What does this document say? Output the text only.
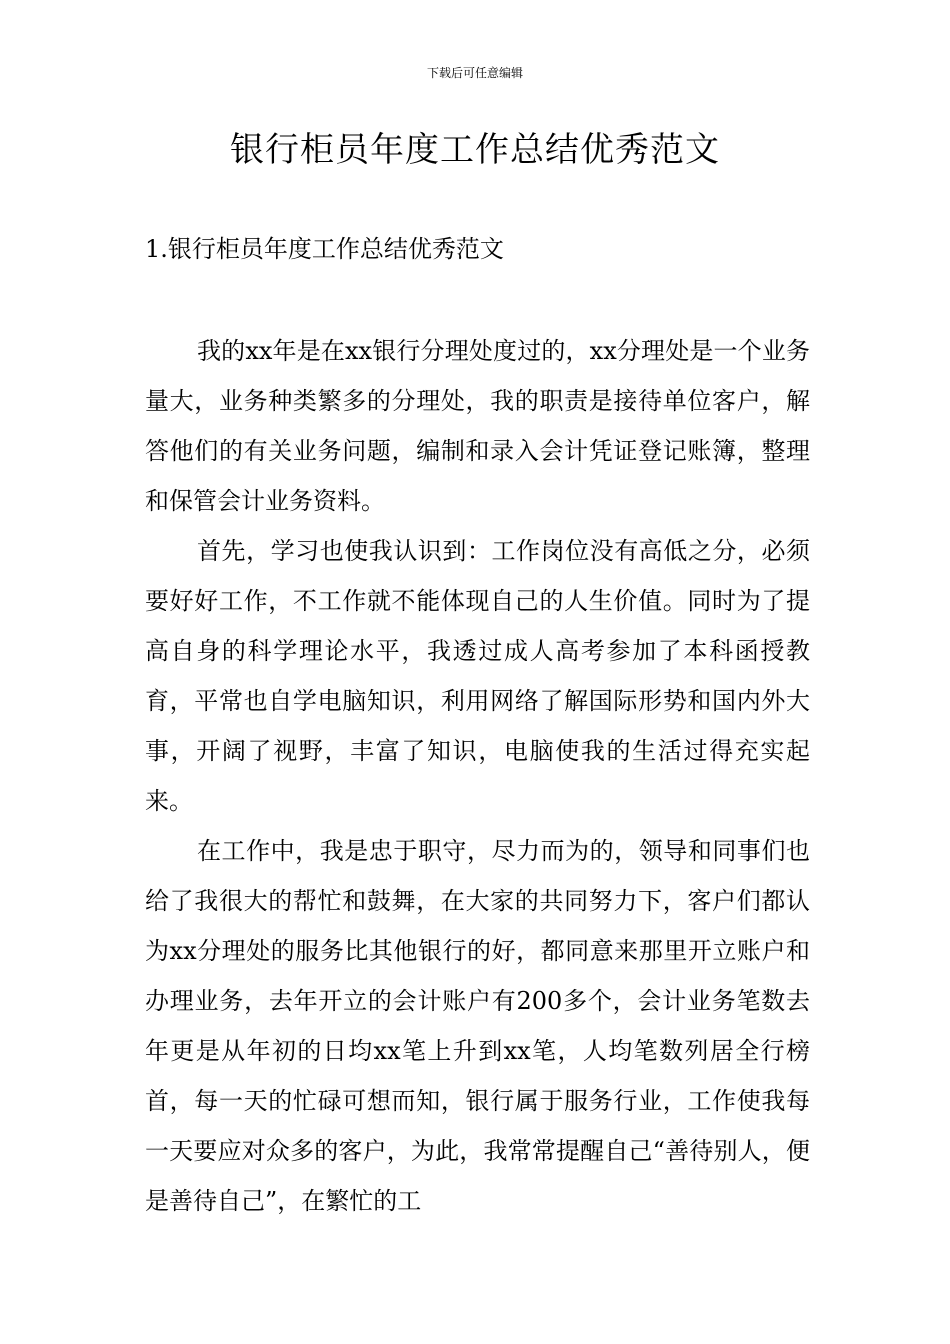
下载后可任意编辑
银行柜员年度工作总结优秀范文
1.银行柜员年度工作总结优秀范文

我的xx年是在xx银行分理处度过的，xx分理处是一个业务量大，业务种类繁多的分理处，我的职责是接待单位客户，解答他们的有关业务问题，编制和录入会计凭证登记账簿，整理和保管会计业务资料。

首先，学习也使我认识到：工作岗位没有高低之分，必须要好好工作，不工作就不能体现自己的人生价值。同时为了提高自身的科学理论水平，我透过成人高考参加了本科函授教育，平常也自学电脑知识，利用网络了解国际形势和国内外大事，开阔了视野，丰富了知识，电脑使我的生活过得充实起来。

在工作中，我是忠于职守，尽力而为的，领导和同事们也给了我很大的帮忙和鼓舞，在大家的共同努力下，客户们都认为xx分理处的服务比其他银行的好，都同意来那里开立账户和办理业务，去年开立的会计账户有200多个，会计业务笔数去年更是从年初的日均xx笔上升到xx笔，人均笔数列居全行榜首，每一天的忙碌可想而知，银行属于服务行业，工作使我每一天要应对众多的客户，为此，我常常提醒自己“善待别人，便是善待自己”，在繁忙的工
